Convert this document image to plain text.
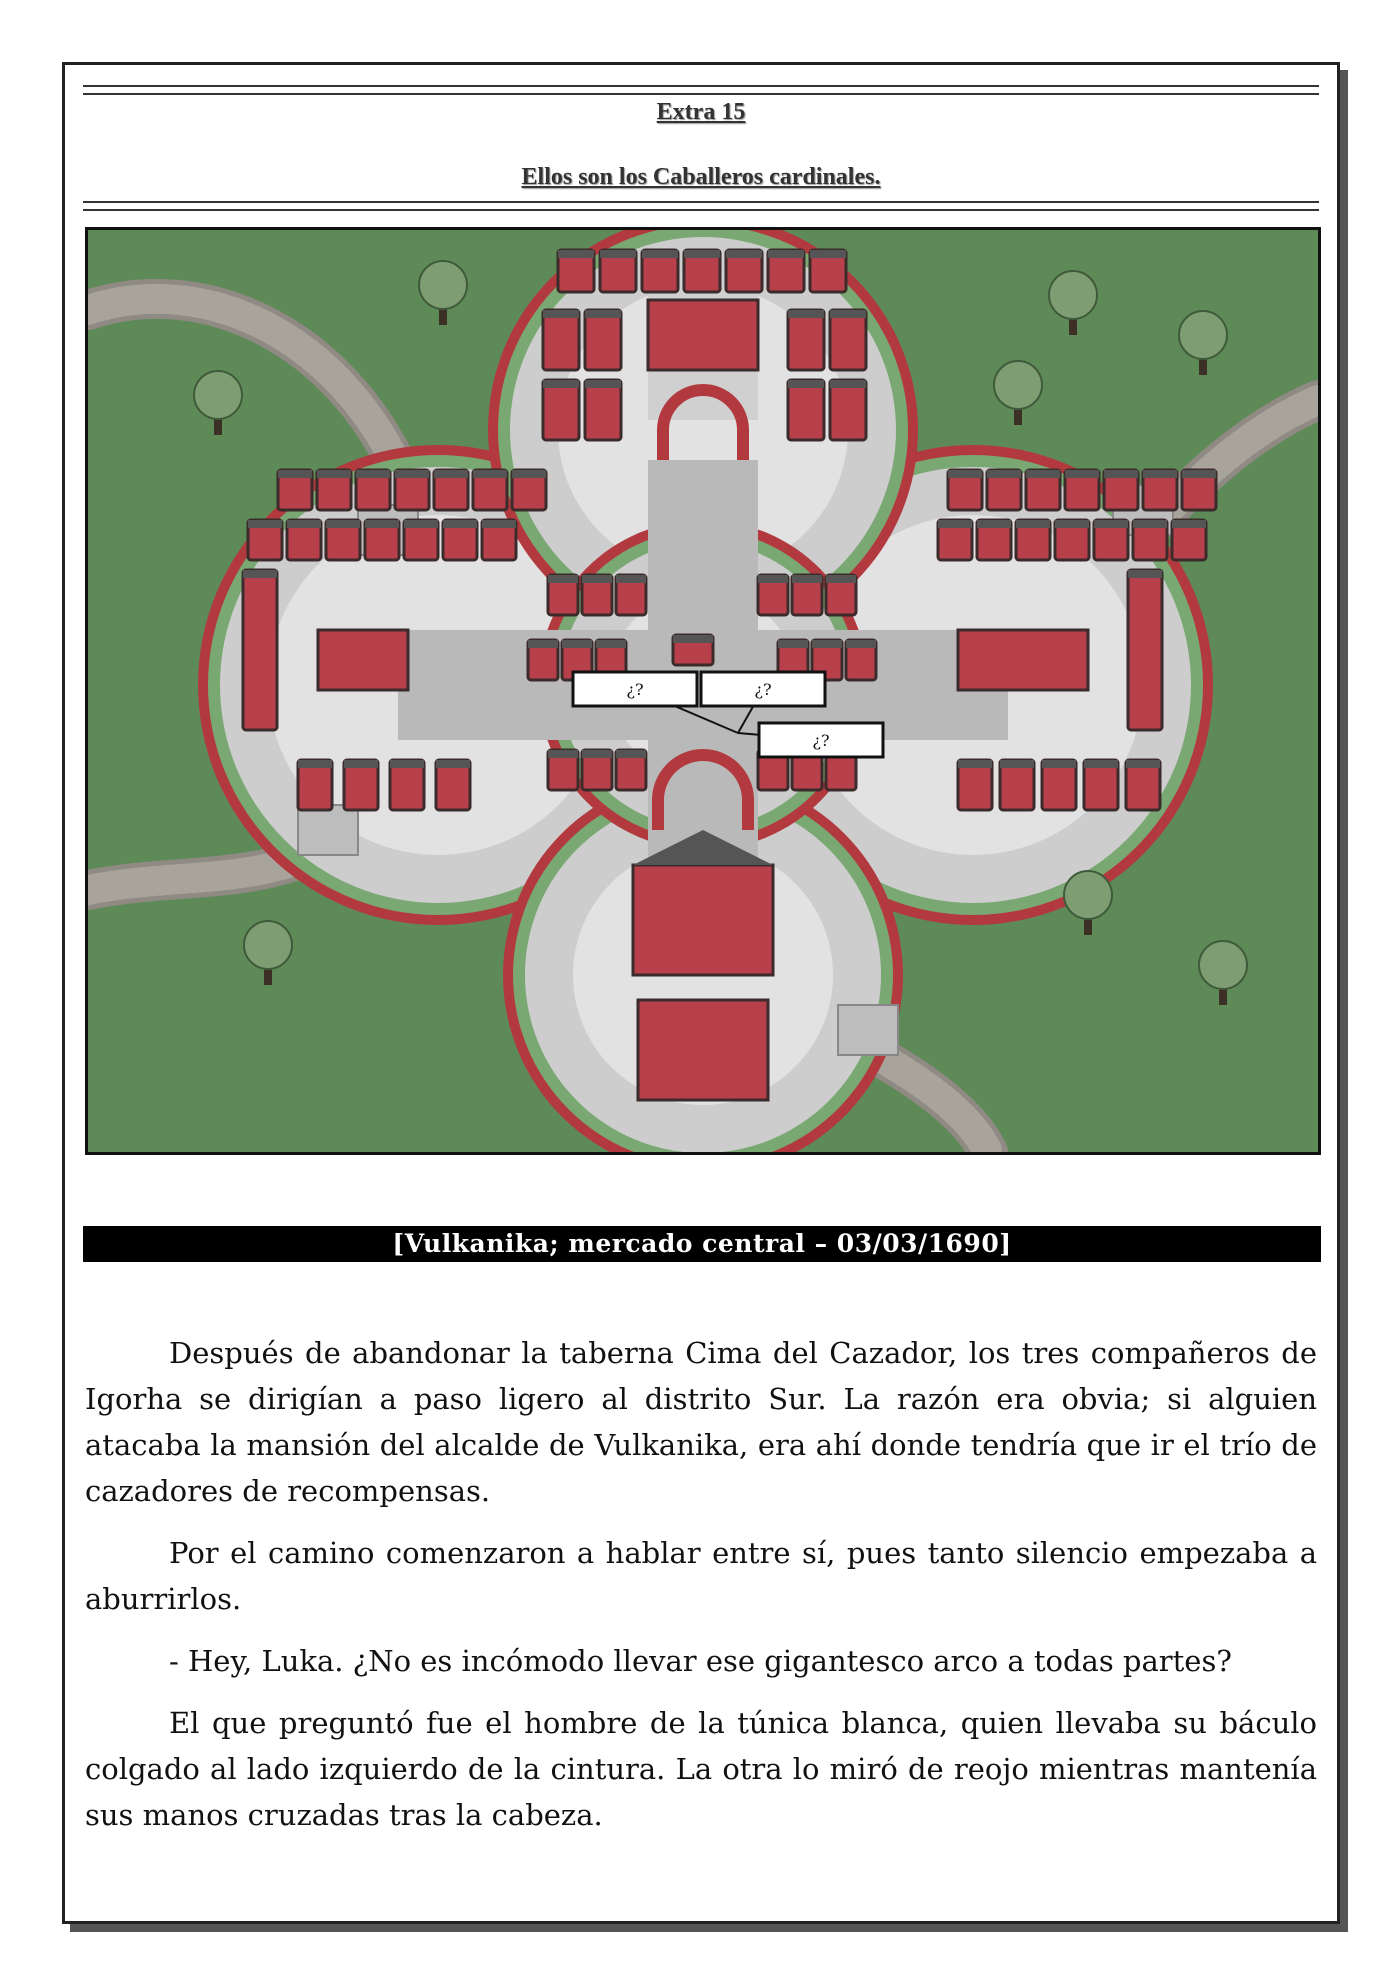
Extra 15
Ellos son los Caballeros cardinales.
¿?	¿?
¿?
[Vulkanika; mercado central – 03/03/1690]

Después de abandonar la taberna Cima del Cazador, los tres compañeros de Igorha se dirigían a paso ligero al distrito Sur. La razón era obvia; si alguien atacaba la mansión del alcalde de Vulkanika, era ahí donde tendría que ir el trío de cazadores de recompensas.

Por el camino comenzaron a hablar entre sí, pues tanto silencio empezaba a aburrirlos.

- Hey, Luka. ¿No es incómodo llevar ese gigantesco arco a todas partes?

El que preguntó fue el hombre de la túnica blanca, quien llevaba su báculo colgado al lado izquierdo de la cintura. La otra lo miró de reojo mientras mantenía sus manos cruzadas tras la cabeza.
